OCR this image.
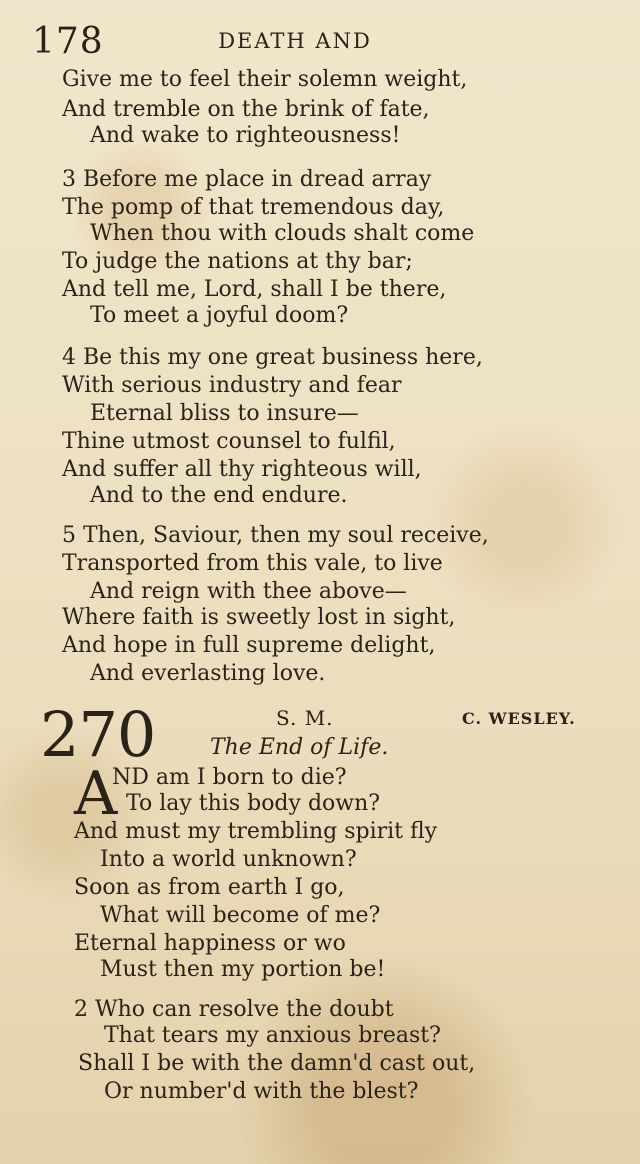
178	DEATH AND
Give me to feel their solemn weight,
And tremble on the brink of fate,
And wake to righteousness!
3 Before me place in dread array
The pomp of that tremendous day,
When thou with clouds shalt come
To judge the nations at thy bar;
And tell me, Lord, shall I be there,
To meet a joyful doom?
4 Be this my one great business here,
With serious industry and fear
Eternal bliss to insure—
Thine utmost counsel to fulfil,
And suffer all thy righteous will,
And to the end endure.
5 Then, Saviour, then my soul receive,
Transported from this vale, to live
And reign with thee above—
Where faith is sweetly lost in sight,
And hope in full supreme delight,
And everlasting love.
270	S. M.	C. WESLEY.
The End of Life.
A
ND am I born to die?
To lay this body down?
And must my trembling spirit fly
Into a world unknown?
Soon as from earth I go,
What will become of me?
Eternal happiness or wo
Must then my portion be!
2 Who can resolve the doubt
That tears my anxious breast?
Shall I be with the damn'd cast out,
Or number'd with the blest?
